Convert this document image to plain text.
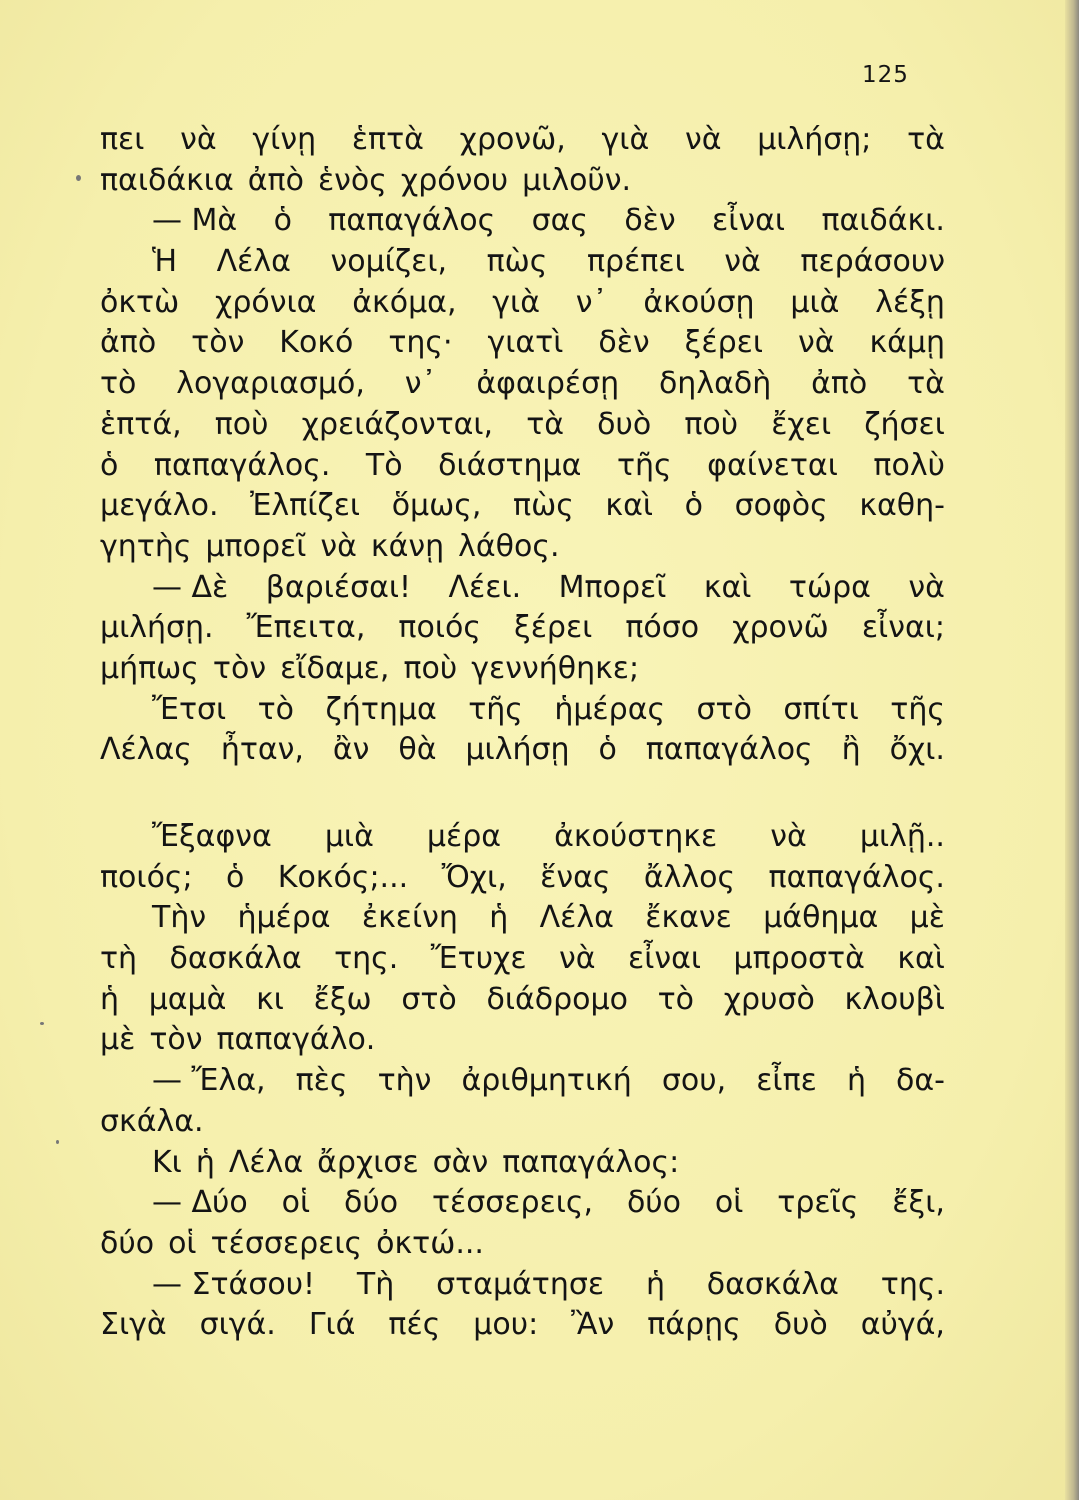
125
πει νὰ γίνῃ ἑπτὰ χρονῶ, γιὰ νὰ μιλήσῃ; τὰ
παιδάκια ἀπὸ ἑνὸς χρόνου μιλοῦν.
— Μὰ ὁ παπαγάλος σας δὲν εἶναι παιδάκι.
Ἡ Λέλα νομίζει, πὼς πρέπει νὰ περάσουν
ὀκτὼ χρόνια ἀκόμα, γιὰ ν᾽ ἀκούσῃ μιὰ λέξῃ
ἀπὸ τὸν Κοκό της· γιατὶ δὲν ξέρει νὰ κάμῃ
τὸ λογαριασμό, ν᾽ ἀφαιρέσῃ δηλαδὴ ἀπὸ τὰ
ἑπτά, ποὺ χρειάζονται, τὰ δυὸ ποὺ ἔχει ζήσει
ὁ παπαγάλος. Τὸ διάστημα τῆς φαίνεται πολὺ
μεγάλο. Ἐλπίζει ὅμως, πὼς καὶ ὁ σοφὸς καθη-
γητὴς μπορεῖ νὰ κάνῃ λάθος.
— Δὲ βαριέσαι! Λέει. Μπορεῖ καὶ τώρα νὰ
μιλήσῃ. Ἔπειτα, ποιός ξέρει πόσο χρονῶ εἶναι;
μήπως τὸν εἴδαμε, ποὺ γεννήθηκε;
Ἔτσι τὸ ζήτημα τῆς ἡμέρας στὸ σπίτι τῆς
Λέλας ἦταν, ἂν θὰ μιλήσῃ ὁ παπαγάλος ἢ ὄχι.
Ἔξαφνα μιὰ μέρα ἀκούστηκε νὰ μιλῇ..
ποιός; ὁ Κοκός;... Ὄχι, ἕνας ἄλλος παπαγάλος.
Τὴν ἡμέρα ἐκείνη ἡ Λέλα ἔκανε μάθημα μὲ
τὴ δασκάλα της. Ἔτυχε νὰ εἶναι μπροστὰ καὶ
ἡ μαμὰ κι ἔξω στὸ διάδρομο τὸ χρυσὸ κλουβὶ
μὲ τὸν παπαγάλο.
— Ἔλα, πὲς τὴν ἀριθμητική σου, εἶπε ἡ δα-
σκάλα.
Κι ἡ Λέλα ἄρχισε σὰν παπαγάλος:
— Δύο οἱ δύο τέσσερεις, δύο οἱ τρεῖς ἔξι,
δύο οἱ τέσσερεις ὀκτώ...
— Στάσου! Τὴ σταμάτησε ἡ δασκάλα της.
Σιγὰ σιγά. Γιά πές μου: Ἂν πάρῃς δυὸ αὐγά,
